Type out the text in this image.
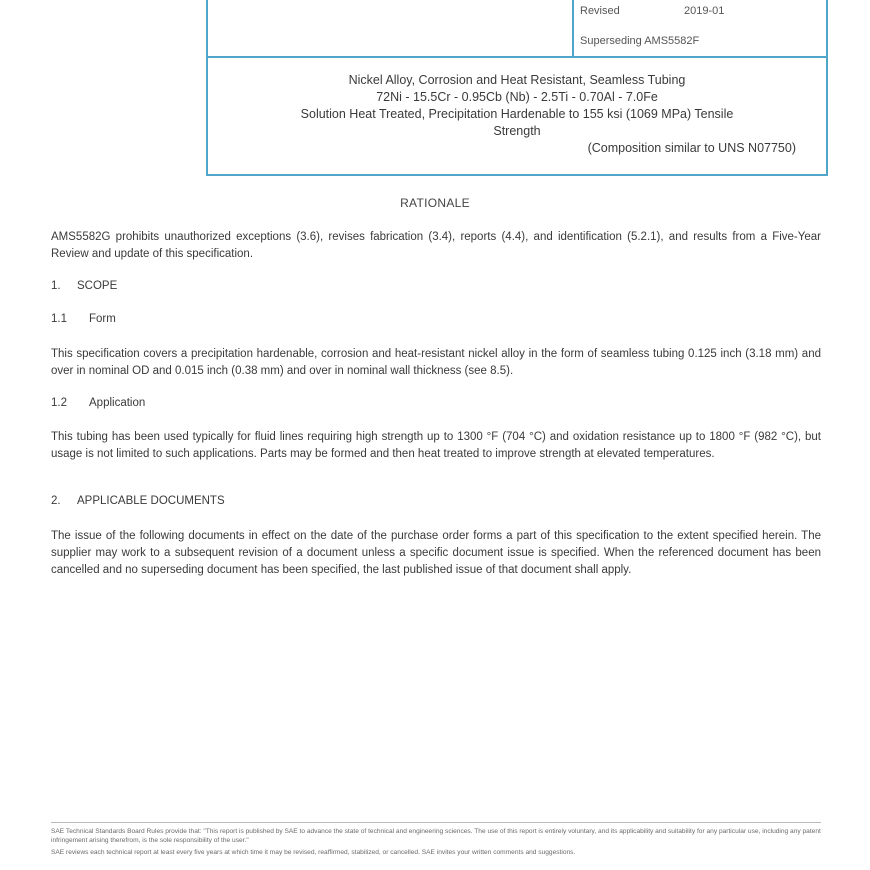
Revised	2019-01
Superseding AMS5582F
Nickel Alloy, Corrosion and Heat Resistant, Seamless Tubing
72Ni - 15.5Cr - 0.95Cb (Nb) - 2.5Ti - 0.70Al - 7.0Fe
Solution Heat Treated, Precipitation Hardenable to 155 ksi (1069 MPa) Tensile
Strength
(Composition similar to UNS N07750)
RATIONALE
AMS5582G prohibits unauthorized exceptions (3.6), revises fabrication (3.4), reports (4.4), and identification (5.2.1), and results from a Five-Year Review and update of this specification.
1. SCOPE
1.1 Form
This specification covers a precipitation hardenable, corrosion and heat-resistant nickel alloy in the form of seamless tubing 0.125 inch (3.18 mm) and over in nominal OD and 0.015 inch (0.38 mm) and over in nominal wall thickness (see 8.5).
1.2 Application
This tubing has been used typically for fluid lines requiring high strength up to 1300 °F (704 °C) and oxidation resistance up to 1800 °F (982 °C), but usage is not limited to such applications. Parts may be formed and then heat treated to improve strength at elevated temperatures.
2. APPLICABLE DOCUMENTS
The issue of the following documents in effect on the date of the purchase order forms a part of this specification to the extent specified herein. The supplier may work to a subsequent revision of a document unless a specific document issue is specified. When the referenced document has been cancelled and no superseding document has been specified, the last published issue of that document shall apply.

SAE Technical Standards Board Rules provide that: "This report is published by SAE to advance the state of technical and engineering sciences. The use of this report is entirely voluntary, and its applicability and suitability for any particular use, including any patent infringement arising therefrom, is the sole responsibility of the user."

SAE reviews each technical report at least every five years at which time it may be revised, reaffirmed, stabilized, or cancelled. SAE invites your written comments and suggestions.
